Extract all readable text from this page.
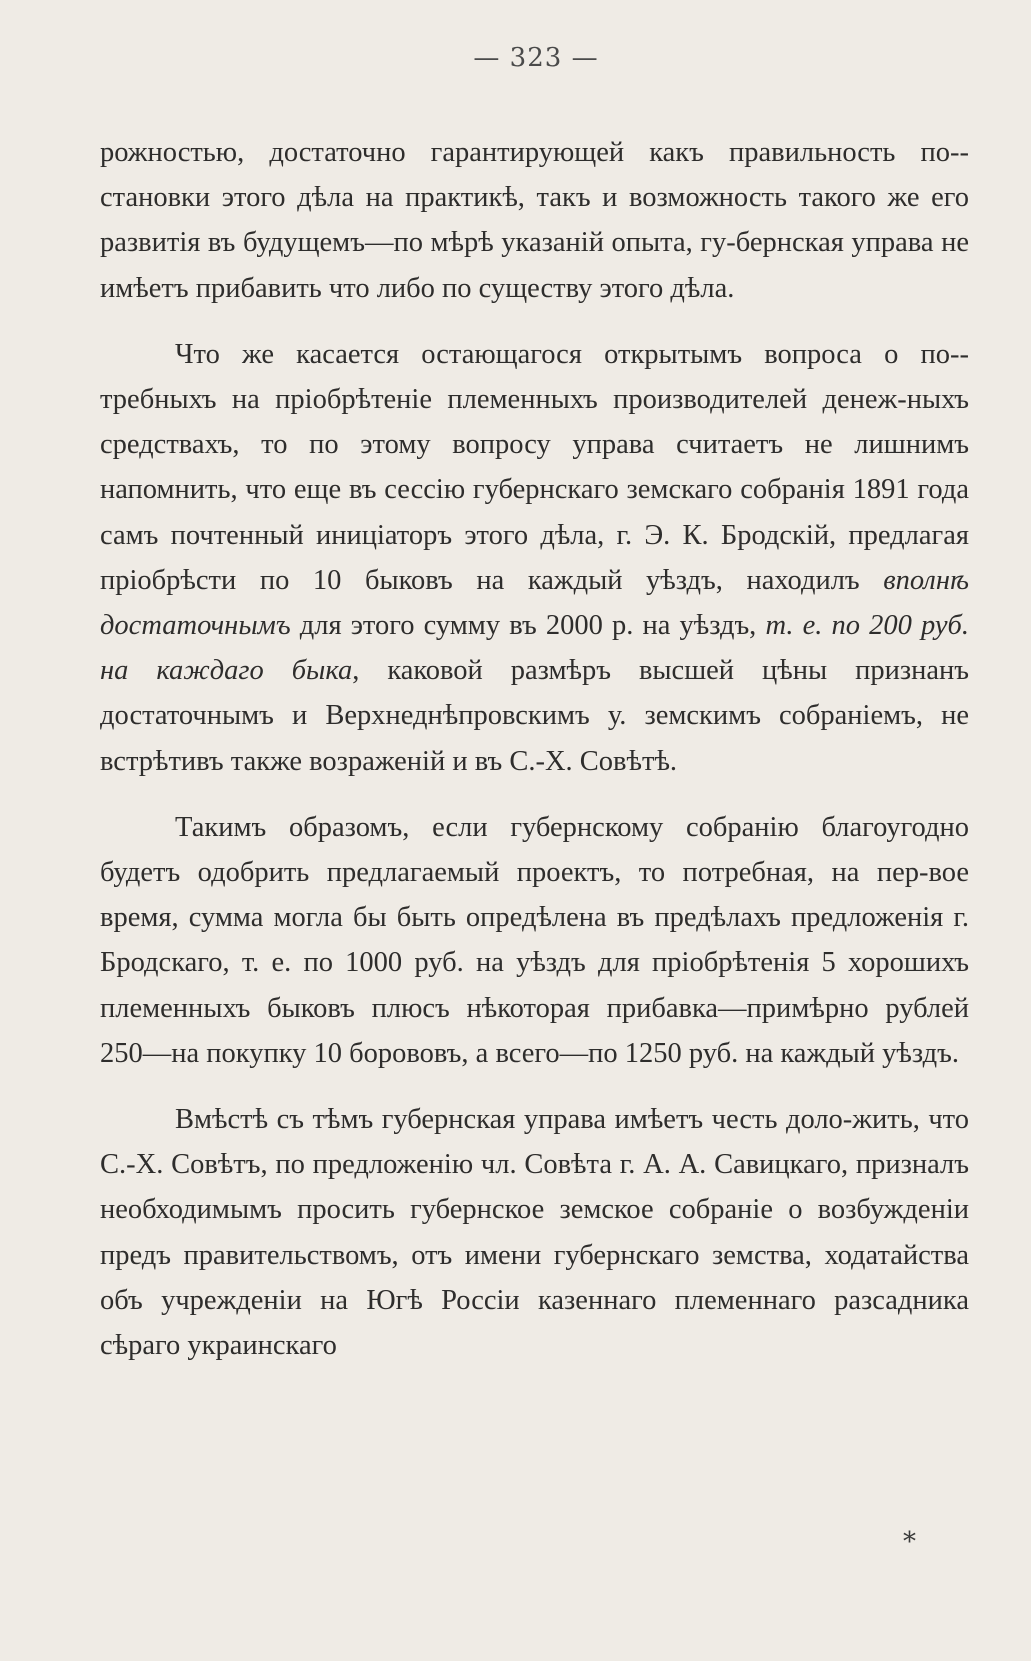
— 323 —

рожностью, достаточно гарантирующей какъ правильность по-становки этого дѣла на практикѣ, такъ и возможность такого же его развитія въ будущемъ—по мѣрѣ указаній опыта, гу-бернская управа не имѣетъ прибавить что либо по существу этого дѣла.

Что же касается остающагося открытымъ вопроса о по-требныхъ на пріобрѣтеніе племенныхъ производителей денеж-ныхъ средствахъ, то по этому вопросу управа считаетъ не лишнимъ напомнить, что еще въ сессію губернскаго земскаго собранія 1891 года самъ почтенный иниціаторъ этого дѣла, г. Э. К. Бродскій, предлагая пріобрѣсти по 10 быковъ на каждый уѣздъ, находилъ вполнѣ достаточнымъ для этого сумму въ 2000 р. на уѣздъ, т. е. по 200 руб. на каждаго быка, каковой размѣръ высшей цѣны признанъ достаточнымъ и Верхнеднѣпровскимъ у. земскимъ собраніемъ, не встрѣтивъ также возраженій и въ С.-Х. Совѣтѣ.

Такимъ образомъ, если губернскому собранію благоугодно будетъ одобрить предлагаемый проектъ, то потребная, на пер-вое время, сумма могла бы быть опредѣлена въ предѣлахъ предложенія г. Бродскаго, т. е. по 1000 руб. на уѣздъ для пріобрѣтенія 5 хорошихъ племенныхъ быковъ плюсъ нѣкоторая прибавка—примѣрно рублей 250—на покупку 10 борововъ, а всего—по 1250 руб. на каждый уѣздъ.

Вмѣстѣ съ тѣмъ губернская управа имѣетъ честь доло-жить, что С.-Х. Совѣтъ, по предложенію чл. Совѣта г. А. А. Савицкаго, призналъ необходимымъ просить губернское земское собраніе о возбужденіи предъ правительствомъ, отъ имени губернскаго земства, ходатайства объ учрежденіи на Югѣ Россіи казеннаго племеннаго разсадника сѣраго украинскаго

*
